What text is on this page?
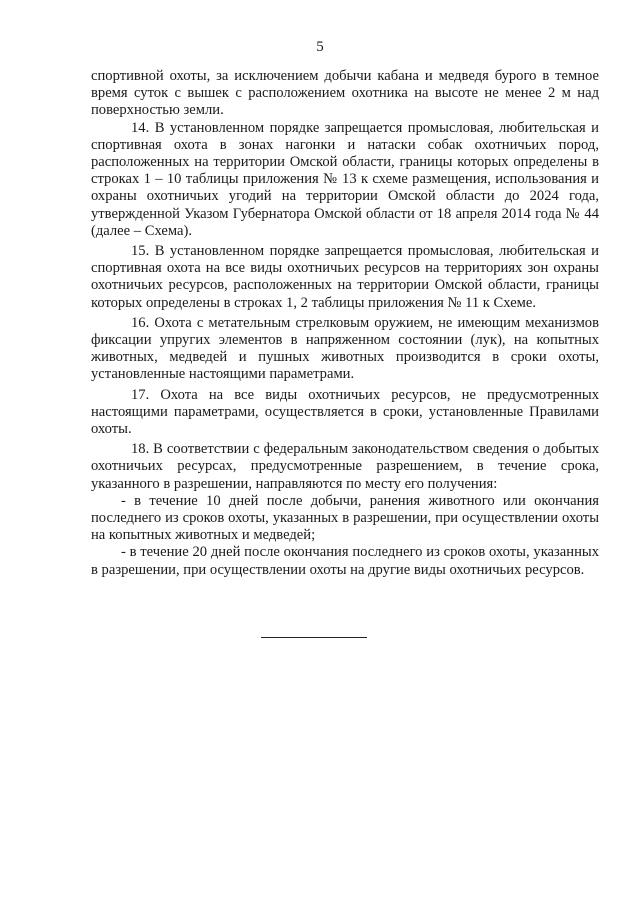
5

спортивной охоты, за исключением добычи кабана и медведя бурого в темное время суток с вышек с расположением охотника на высоте не менее 2 м над поверхностью земли.

14. В установленном порядке запрещается промысловая, любительская и спортивная охота в зонах нагонки и натаски собак охотничьих пород, расположенных на территории Омской области, границы которых определены в строках 1 – 10 таблицы приложения № 13 к схеме размещения, использования и охраны охотничьих угодий на территории Омской области до 2024 года, утвержденной Указом Губернатора Омской области от 18 апреля 2014 года № 44 (далее – Схема).

15. В установленном порядке запрещается промысловая, любительская и спортивная охота на все виды охотничьих ресурсов на территориях зон охраны охотничьих ресурсов, расположенных на территории Омской области, границы которых определены в строках 1, 2 таблицы приложения № 11 к Схеме.

16. Охота с метательным стрелковым оружием, не имеющим механизмов фиксации упругих элементов в напряженном состоянии (лук), на копытных животных, медведей и пушных животных производится в сроки охоты, установленные настоящими параметрами.

17. Охота на все виды охотничьих ресурсов, не предусмотренных настоящими параметрами, осуществляется в сроки, установленные Правилами охоты.

18. В соответствии с федеральным законодательством сведения о добытых охотничьих ресурсах, предусмотренные разрешением, в течение срока, указанного в разрешении, направляются по месту его получения:

- в течение 10 дней после добычи, ранения животного или окончания последнего из сроков охоты, указанных в разрешении, при осуществлении охоты на копытных животных и медведей;

- в течение 20 дней после окончания последнего из сроков охоты, указанных в разрешении, при осуществлении охоты на другие виды охотничьих ресурсов.
